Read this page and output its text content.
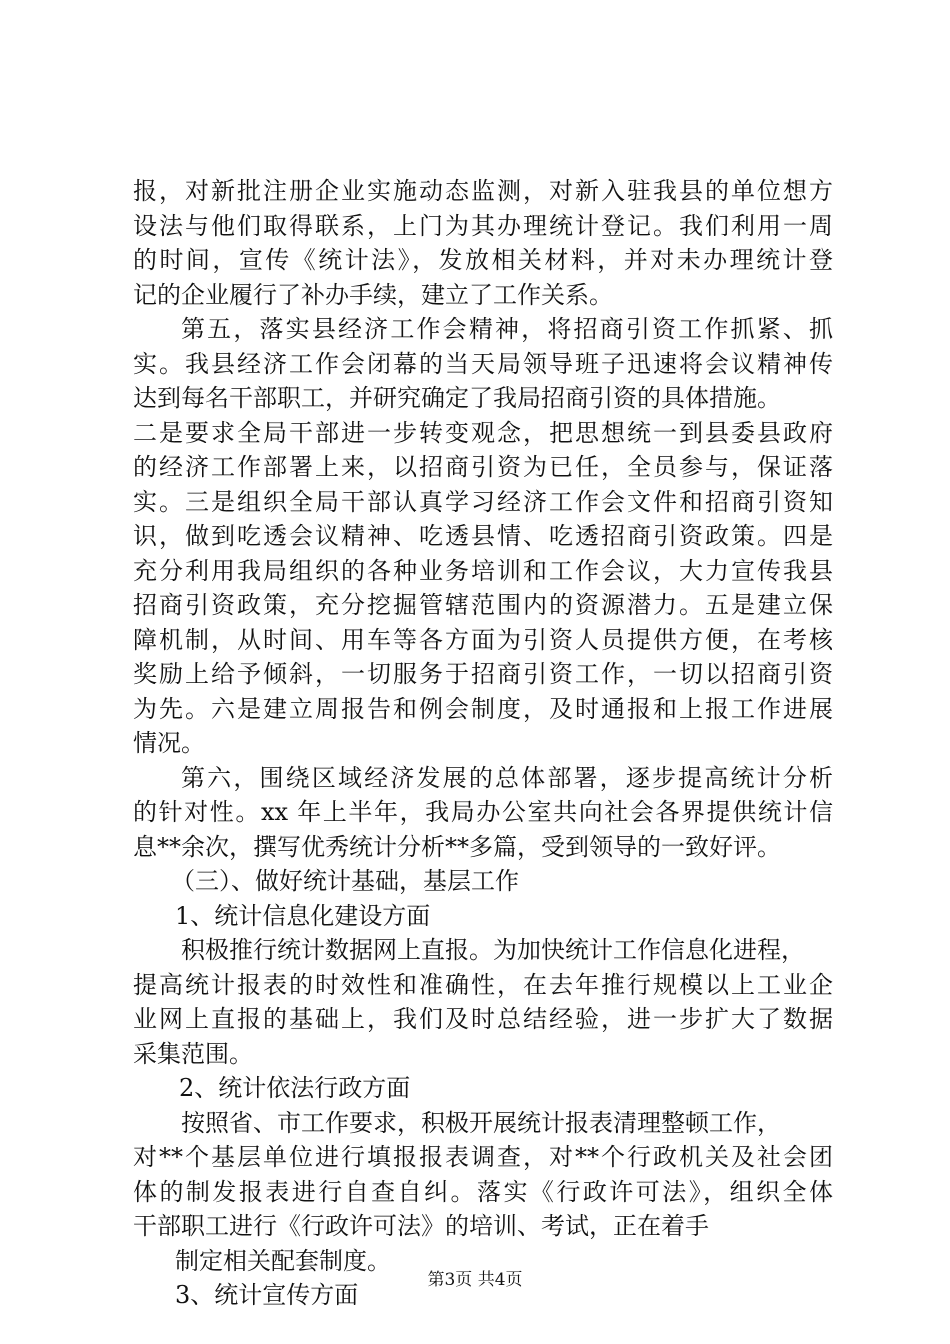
报，对新批注册企业实施动态监测，对新入驻我县的单位想方
设法与他们取得联系，上门为其办理统计登记。我们利用一周
的时间，宣传《统计法》，发放相关材料，并对未办理统计登
记的企业履行了补办手续，建立了工作关系。
第五，落实县经济工作会精神，将招商引资工作抓紧、抓
实。我县经济工作会闭幕的当天局领导班子迅速将会议精神传
达到每名干部职工，并研究确定了我局招商引资的具体措施。
二是要求全局干部进一步转变观念，把思想统一到县委县政府
的经济工作部署上来，以招商引资为已任，全员参与，保证落
实。三是组织全局干部认真学习经济工作会文件和招商引资知
识，做到吃透会议精神、吃透县情、吃透招商引资政策。四是
充分利用我局组织的各种业务培训和工作会议，大力宣传我县
招商引资政策，充分挖掘管辖范围内的资源潜力。五是建立保
障机制，从时间、用车等各方面为引资人员提供方便，在考核
奖励上给予倾斜，一切服务于招商引资工作，一切以招商引资
为先。六是建立周报告和例会制度，及时通报和上报工作进展
情况。
第六，围绕区域经济发展的总体部署，逐步提高统计分析
的针对性。xx 年上半年，我局办公室共向社会各界提供统计信
息**余次，撰写优秀统计分析**多篇，受到领导的一致好评。
（三）、做好统计基础，基层工作
1、统计信息化建设方面
积极推行统计数据网上直报。为加快统计工作信息化进程，
提高统计报表的时效性和准确性，在去年推行规模以上工业企
业网上直报的基础上，我们及时总结经验，进一步扩大了数据
采集范围。
2、统计依法行政方面
按照省、市工作要求，积极开展统计报表清理整顿工作，
对**个基层单位进行填报报表调查，对**个行政机关及社会团
体的制发报表进行自查自纠。落实《行政许可法》，组织全体
干部职工进行《行政许可法》的培训、考试，正在着手
制定相关配套制度。
3、统计宣传方面
第3页 共4页
